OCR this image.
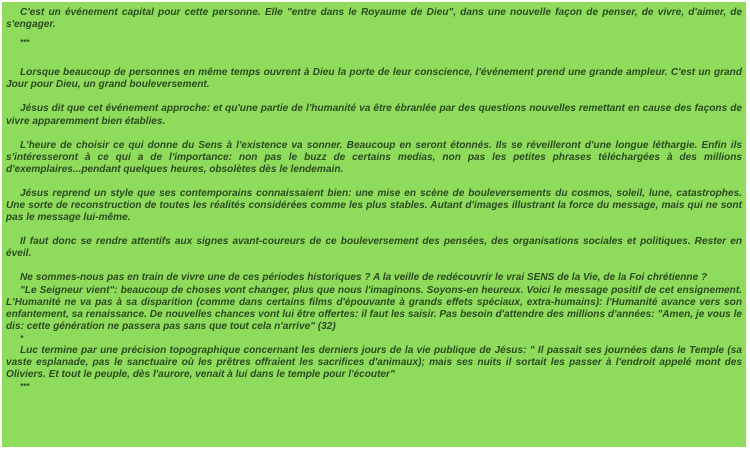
C'est un événement capital pour cette personne. Elle "entre dans le Royaume de Dieu", dans une nouvelle façon de penser, de vivre, d'aimer, de s'engager.

***

Lorsque beaucoup de personnes en même temps ouvrent à Dieu la porte de leur conscience, l'événement prend une grande ampleur. C'est un grand Jour pour Dieu, un grand bouleversement.

Jésus dit que cet événement approche: et qu'une partie de l'humanité va être ébranlée par des questions nouvelles remettant en cause des façons de vivre apparemment bien établies.

L'heure de choisir ce qui donne du Sens à l'existence va sonner. Beaucoup en seront étonnés. Ils se réveilleront d'une longue léthargie. Enfin ils s'intéresseront à ce qui a de l'importance: non pas le buzz de certains medias, non pas les petites phrases téléchargées à des millions d'exemplaires...pendant quelques heures, obsolètes dès le lendemain.

Jésus reprend un style que ses contemporains connaissaient bien: une mise en scène de bouleversements du cosmos, soleil, lune, catastrophes. Une sorte de reconstruction de toutes les réalités considérées comme les plus stables. Autant d'images illustrant la force du message, mais qui ne sont pas le message lui-même.

Il faut donc se rendre attentifs aux signes avant-coureurs de ce bouleversement des pensées, des organisations sociales et politiques. Rester en éveil.

Ne sommes-nous pas en train de vivre une de ces périodes historiques ? A la veille de redécouvrir le vrai SENS de la Vie, de la Foi chrétienne ?

"Le Seigneur vient": beaucoup de choses vont changer, plus que nous l'imaginons. Soyons-en heureux. Voici le message positif de cet ensignement. L'Humanité ne va pas à sa disparition (comme dans certains films d'épouvante à grands effets spéciaux, extra-humains): l'Humanité avance vers son enfantement, sa renaissance. De nouvelles chances vont lui être offertes: il faut les saisir. Pas besoin d'attendre des millions d'années: "Amen, je vous le dis: cette génération ne passera pas sans que tout cela n'arrive" (32)

*

Luc termine par une précision topographique concernant les derniers jours de la vie publique de Jésus: " Il passait ses journées dans le Temple (sa vaste esplanade, pas le sanctuaire où les prêtres offraient les sacrifices d'animaux); mais ses nuits il sortait les passer à l'endroit appelé mont des Oliviers. Et tout le peuple, dès l'aurore, venait à lui dans le temple pour l'écouter"

***
